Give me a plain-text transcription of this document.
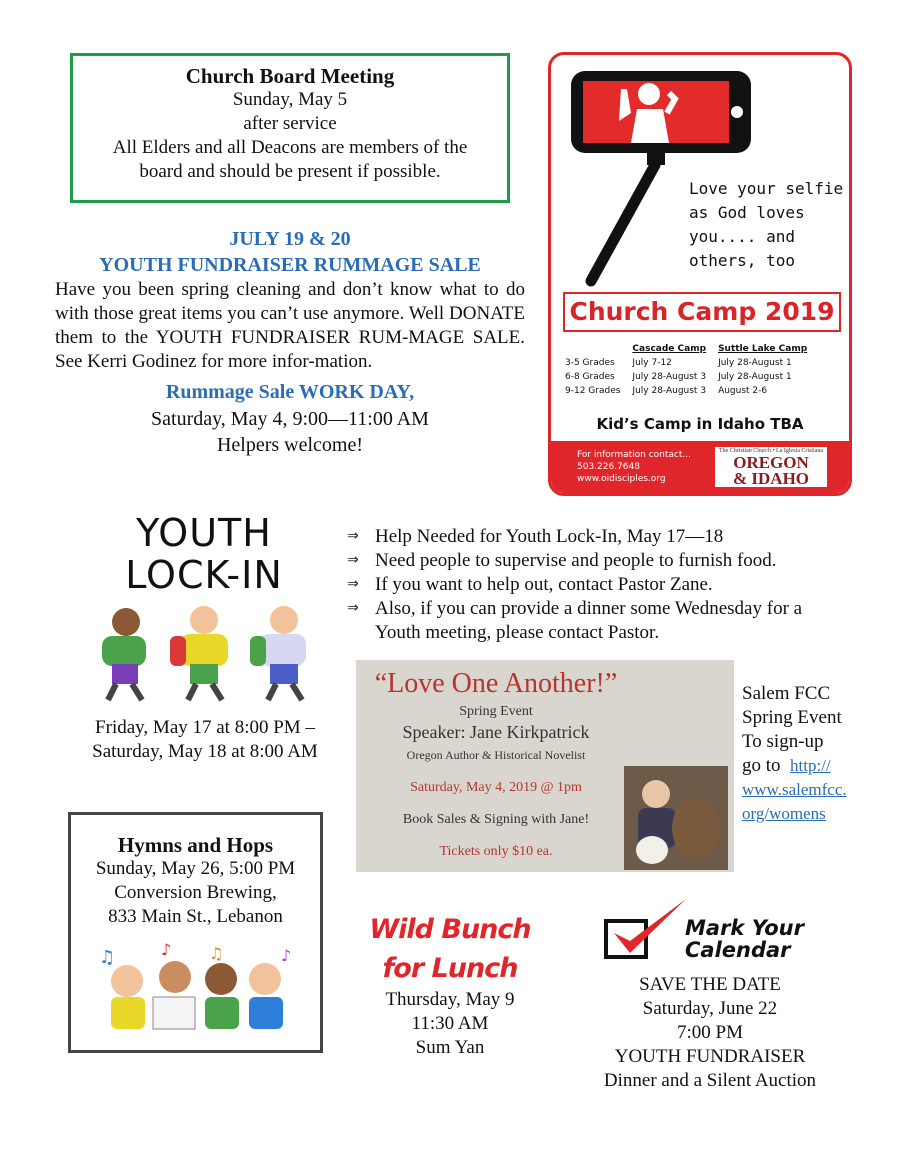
Church Board Meeting
Sunday, May 5
after service
All Elders and all Deacons are members of the
board and should be present if possible.
JULY 19 & 20
YOUTH FUNDRAISER RUMMAGE SALE
Have you been spring cleaning and don’t know what to do with those great items you can’t use anymore. Well DONATE them to the YOUTH FUNDRAISER RUM-MAGE SALE. See Kerri Godinez for more infor-mation.
Rummage Sale WORK DAY,
Saturday, May 4, 9:00—11:00 AM
Helpers welcome!
Love your selfie
as God loves
you.... and
others, too
Church Camp 2019
	Cascade Camp	Suttle Lake Camp
3-5 Grades	July 7-12	July 28-August 1
6-8 Grades	July 28-August 3	July 28-August 1
9-12 Grades	July 28-August 3	August 2-6
Kid’s Camp in Idaho TBA
For information contact...
503.226.7648
www.oidisciples.org
The Christian Church • La Iglesia Cristiana
OREGON
& IDAHO
YOUTH
LOCK-IN
Friday, May 17 at 8:00 PM –
Saturday, May 18 at 8:00 AM
⇒ Help Needed for Youth Lock-In, May 17—18
⇒ Need people to supervise and people to furnish food.
⇒ If you want to help out, contact Pastor Zane.
⇒ Also, if you can provide a dinner some Wednesday for a Youth meeting, please contact Pastor.
“Love One Another!”
Spring Event
Speaker: Jane Kirkpatrick
Oregon Author & Historical Novelist
Saturday, May 4, 2019 @ 1pm
Book Sales & Signing with Jane!
Tickets only $10 ea.
Salem FCC
Spring Event
To sign-up
go to http://
www.salemfcc.
org/womens
Hymns and Hops
Sunday, May 26, 5:00 PM
Conversion Brewing,
833 Main St., Lebanon
♫	♪ ♫	♪
Wild Bunch
for Lunch
Thursday, May 9
11:30 AM
Sum Yan
Mark Your
Calendar
SAVE THE DATE
Saturday, June 22
7:00 PM
YOUTH FUNDRAISER
Dinner and a Silent Auction
